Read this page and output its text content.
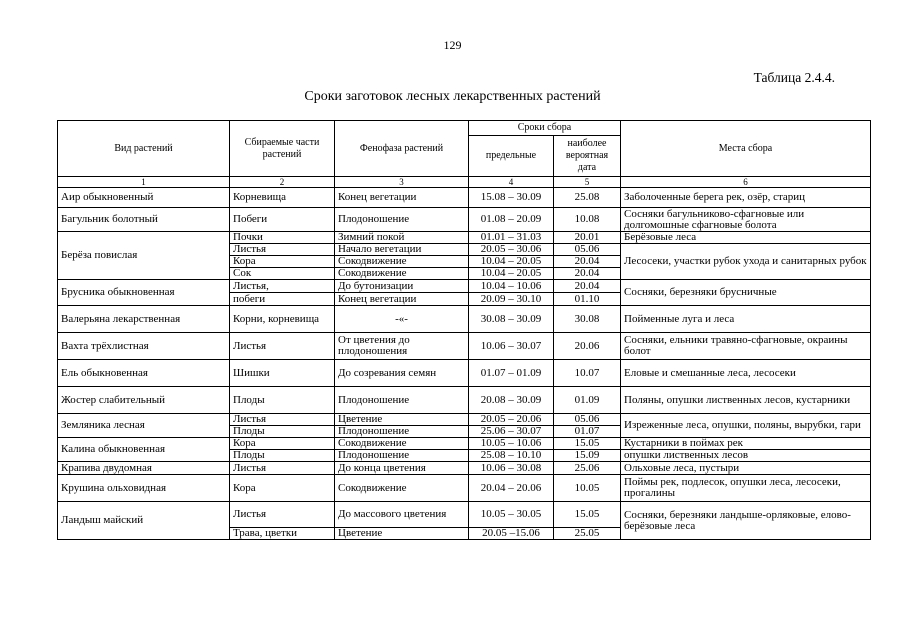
129
Таблица 2.4.4.
Сроки заготовок лесных лекарственных растений
Вид растений	Сбираемые части растений	Фенофаза растений	Сроки сбора		Места сбора
			предельные	наиболее вероятная дата	
1	2	3	4	5	6
Аир обыкновенный	Корневища	Конец вегетации	15.08 – 30.09	25.08	Заболоченные берега рек, озёр, стариц
Багульник болотный	Побеги	Плодоношение	01.08 – 20.09	10.08	Сосняки багульниково-сфагновые или долгомошные сфагновые болота
Берёза повислая	Почки	Зимний покой	01.01 – 31.03	20.01	Берёзовые леса
	Листья	Начало вегетации	20.05 – 30.06	05.06	Лесосеки, участки рубок ухода и санитарных рубок
	Кора	Сокодвижение	10.04 – 20.05	20.04	
	Сок	Сокодвижение	10.04 – 20.05	20.04	
Брусника обыкновенная	Листья,	До бутонизации	10.04 – 10.06	20.04	Сосняки, березняки брусничные
	побеги	Конец вегетации	20.09 – 30.10	01.10	
Валерьяна лекарственная	Корни, корневища	-«-	30.08 – 30.09	30.08	Пойменные луга и леса
Вахта трёхлистная	Листья	От цветения до плодоношения	10.06 – 30.07	20.06	Сосняки, ельники травяно-сфагновые, окраины болот
Ель обыкновенная	Шишки	До созревания семян	01.07 – 01.09	10.07	Еловые и смешанные леса, лесосеки
Жостер слабительный	Плоды	Плодоношение	20.08 – 30.09	01.09	Поляны, опушки лиственных лесов, кустарники
Земляника лесная	Листья	Цветение	20.05 – 20.06	05.06	Изреженные леса, опушки, поляны, вырубки, гари
	Плоды	Плодоношение	25.06 – 30.07	01.07	
Калина обыкновенная	Кора	Сокодвижение	10.05 – 10.06	15.05	Кустарники в поймах рек
	Плоды	Плодоношение	25.08 – 10.10	15.09	опушки лиственных лесов
Крапива двудомная	Листья	До конца цветения	10.06 – 30.08	25.06	Ольховые леса, пустыри
Крушина ольховидная	Кора	Сокодвижение	20.04 – 20.06	10.05	Поймы рек, подлесок, опушки леса, лесосеки, прогалины
Ландыш майский	Листья	До массового цветения	10.05 – 30.05	15.05	Сосняки, березняки ландыше-орляковые, елово-берёзовые леса
	Трава, цветки	Цветение	20.05 –15.06	25.05	
